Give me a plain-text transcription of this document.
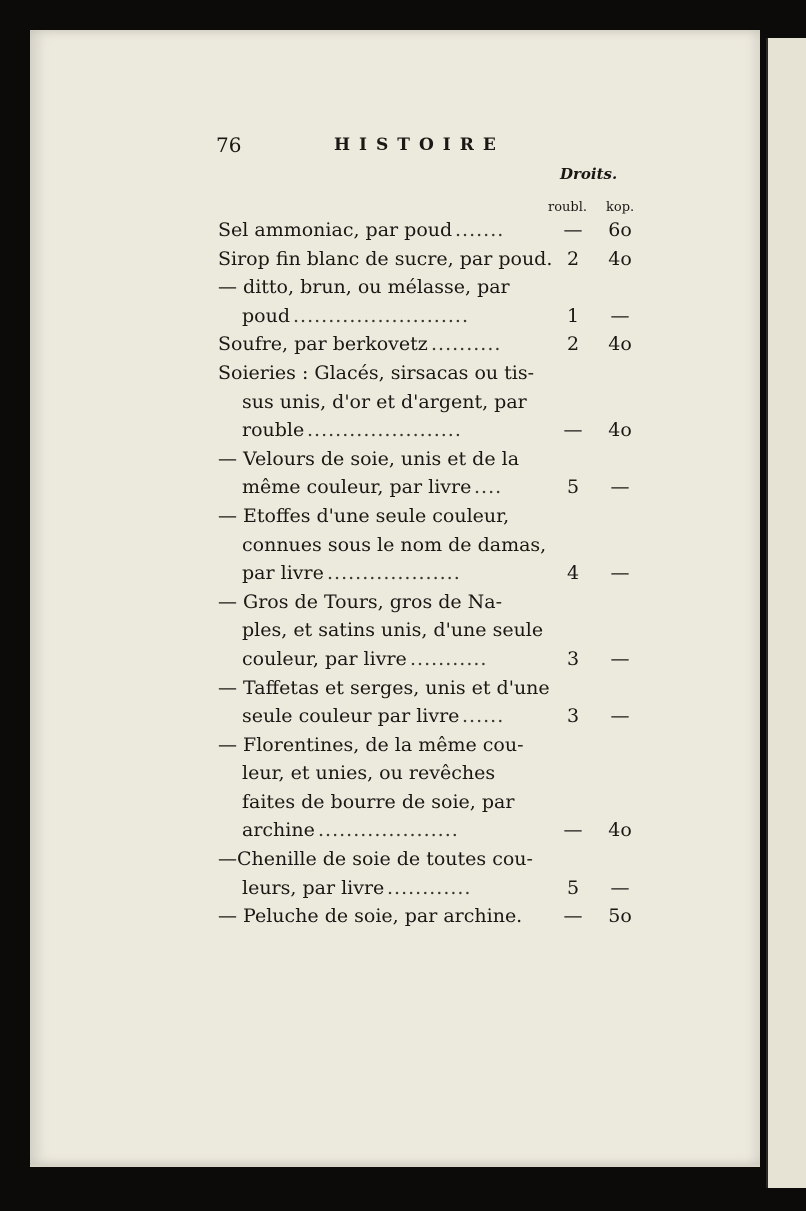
76	HISTOIRE
Droits.
roubl. kop.
Sel ammoniac, par poud .......	—	6o
Sirop fin blanc de sucre, par poud. 2	4o
— ditto, brun, ou mélasse, par
poud .........................	1	—
Soufre, par berkovetz ..........	2	4o
Soieries : Glacés, sirsacas ou tis-
sus unis, d'or et d'argent, par
rouble ......................	—	4o
— Velours de soie, unis et de la
même couleur, par livre ....	5	—
— Etoffes d'une seule couleur,
connues sous le nom de damas,
par livre ...................	4	—
— Gros de Tours, gros de Na-
ples, et satins unis, d'une seule
couleur, par livre ...........	3	—
— Taffetas et serges, unis et d'une
seule couleur par livre ......	3	—
— Florentines, de la même cou-
leur, et unies, ou revêches
faites de bourre de soie, par
archine ....................	—	4o
—Chenille de soie de toutes cou-
leurs, par livre ............	5	—
— Peluche de soie, par archine.	—	5o
